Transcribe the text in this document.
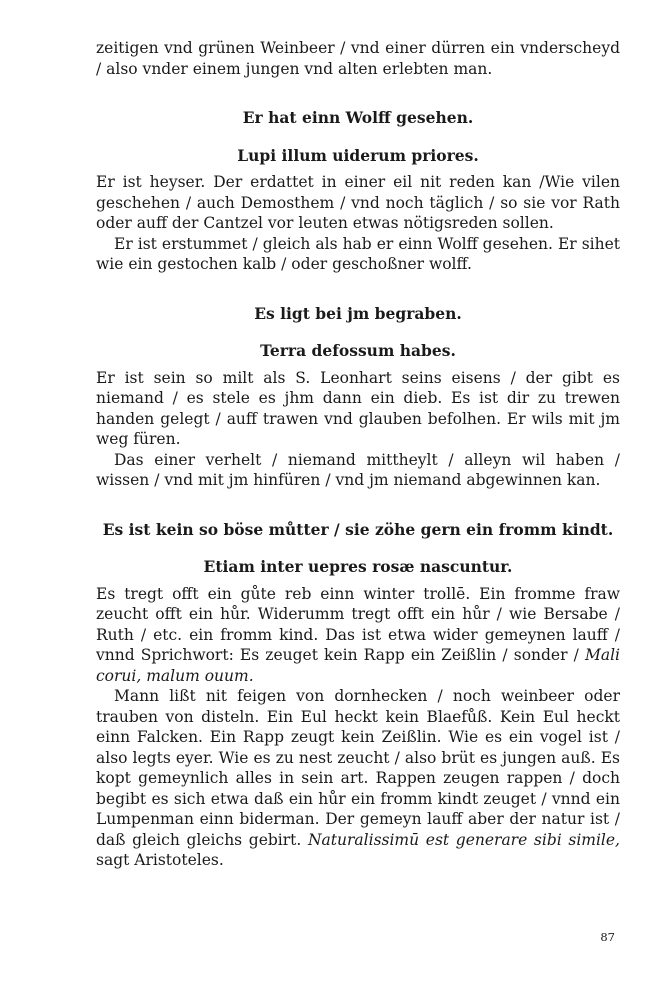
zeitigen vnd grünen Weinbeer / vnd einer dürren ein vnderscheyd / also vnder einem jungen vnd alten erlebten man.

Er hat einn Wolff gesehen.
Lupi illum uiderum priores.

Er ist heyser. Der erdattet in einer eil nit reden kan /Wie vilen geschehen / auch Demosthem / vnd noch täglich / so sie vor Rath oder auff der Cantzel vor leuten etwas nötigsreden sollen.

Er ist erstummet / gleich als hab er einn Wolff gesehen. Er sihet wie ein gestochen kalb / oder geschoßner wolff.

Es ligt bei jm begraben.
Terra defossum habes.

Er ist sein so milt als S. Leonhart seins eisens / der gibt es niemand / es stele es jhm dann ein dieb. Es ist dir zu trewen handen gelegt / auff trawen vnd glauben befolhen. Er wils mit jm weg füren.

Das einer verhelt / niemand mittheylt / alleyn wil haben / wissen / vnd mit jm hinfüren / vnd jm niemand abgewinnen kan.

Es ist kein so böse můtter / sie zöhe gern ein fromm kindt.
Etiam inter uepres rosæ nascuntur.

Es tregt offt ein gůte reb einn winter trollē. Ein fromme fraw zeucht offt ein hůr. Widerumm tregt offt ein hůr / wie Bersabe / Ruth / etc. ein fromm kind. Das ist etwa wider gemeynen lauff / vnnd Sprichwort: Es zeuget kein Rapp ein Zeißlin / sonder / Mali corui, malum ouum.

Mann lißt nit feigen von dornhecken / noch weinbeer oder trauben von disteln. Ein Eul heckt kein Blaefůß. Kein Eul heckt einn Falcken. Ein Rapp zeugt kein Zeißlin. Wie es ein vogel ist / also legts eyer. Wie es zu nest zeucht / also brüt es jungen auß. Es kopt gemeynlich alles in sein art. Rappen zeugen rappen / doch begibt es sich etwa daß ein hůr ein fromm kindt zeuget / vnnd ein Lumpenman einn biderman. Der gemeyn lauff aber der natur ist / daß gleich gleichs gebirt. Naturalissimū est generare sibi simile, sagt Aristoteles.

87
